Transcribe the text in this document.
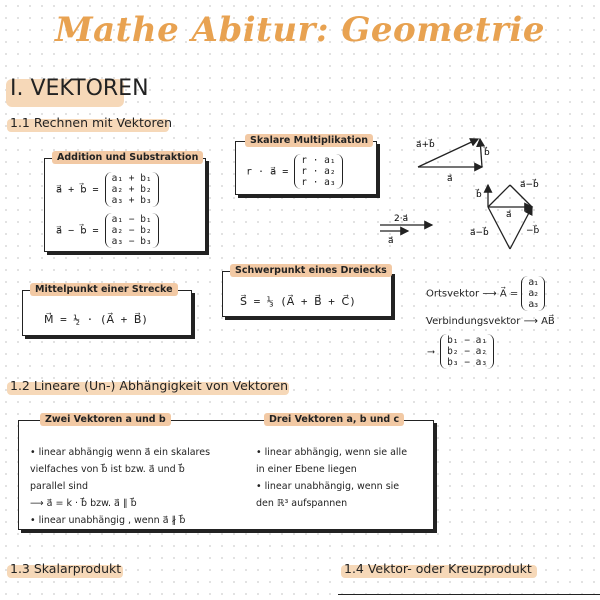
Mathe Abitur: Geometrie
I. VEKTOREN
1.1 Rechnen mit Vektoren
Addition und Substraktion
a⃗ + b⃗ =
a₁ + b₁
a₂ + b₂
a₃ + b₃
a⃗ − b⃗ =
a₁ − b₁
a₂ − b₂
a₃ − b₃
Skalare Multiplikation
r · a⃗ =
r · a₁
r · a₂
r · a₃
Mittelpunkt einer Strecke
M⃗ = ½ · (A⃗ + B⃗)
Schwerpunkt eines Dreiecks
S⃗ = ⅓ (A⃗ + B⃗ + C⃗)
Ortsvektor ⟶ A⃗ =
a₁
a₂
a₃
Verbindungsvektor ⟶ AB⃗
⟶
b₁ − a₁
b₂ − a₂
b₃ − a₃
a⃗+b⃗
b⃗
a⃗
2·a⃗
a⃗
a⃗−b⃗
b⃗
a⃗
a⃗−b⃗	−b⃗
1.2 Lineare (Un-) Abhängigkeit von Vektoren
Zwei Vektoren a und b	Drei Vektoren a, b und c
• linear abhängig wenn a⃗ ein skalares
vielfaches von b⃗ ist bzw. a⃗ und b⃗
parallel sind
⟶ a⃗ = k · b⃗ bzw. a⃗ ∥ b⃗
• linear unabhängig , wenn a⃗ ∦ b⃗
• linear abhängig, wenn sie alle
in einer Ebene liegen
• linear unabhängig, wenn sie
den ℝ³ aufspannen
1.3 Skalarprodukt	1.4 Vektor- oder Kreuzprodukt
